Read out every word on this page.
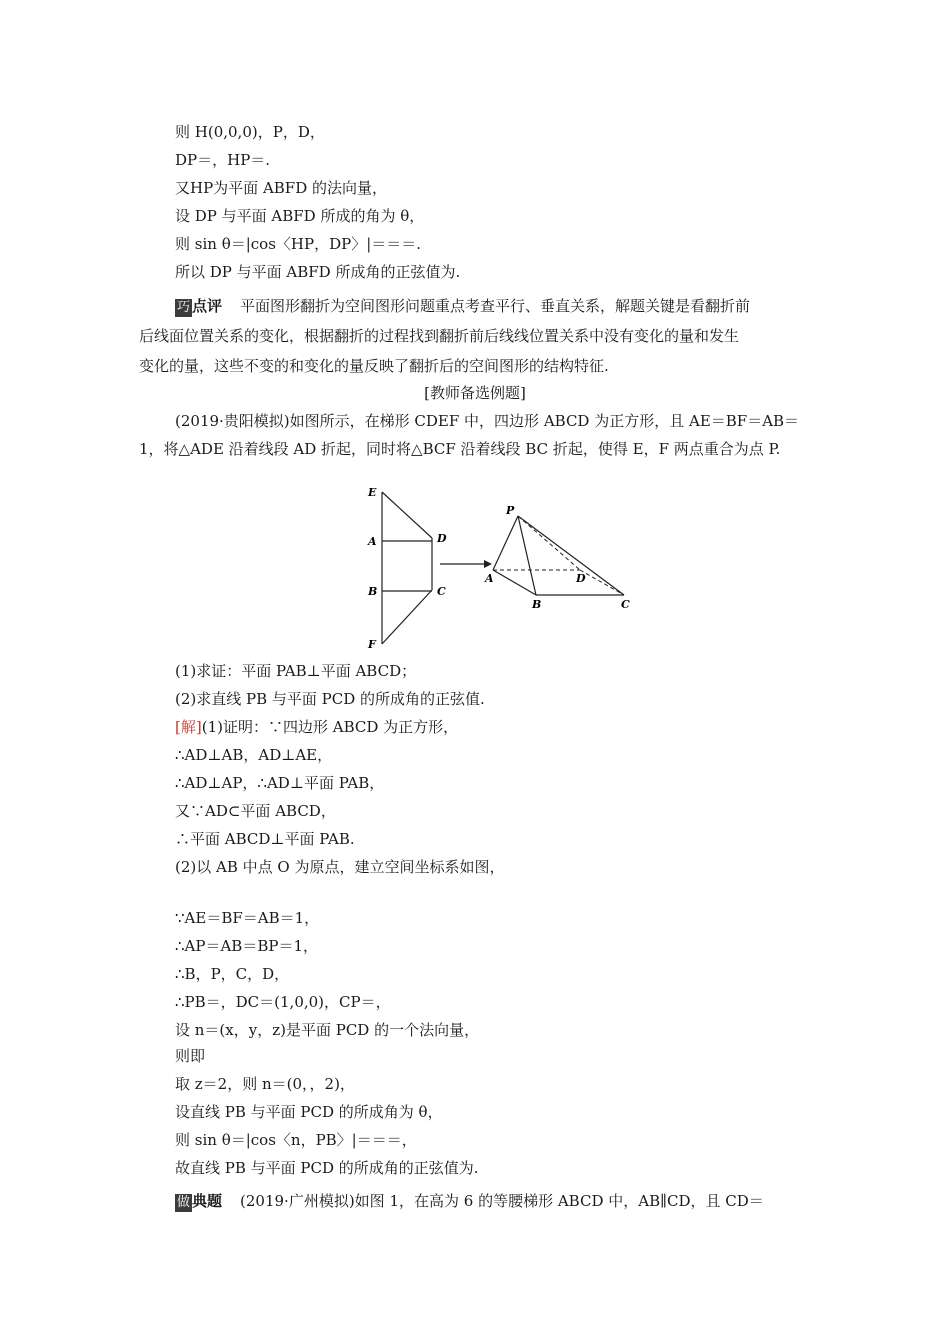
则 H(0,0,0)，P，D，
DP＝，HP＝.
又HP为平面 ABFD 的法向量，
设 DP 与平面 ABFD 所成的角为 θ，
则 sin θ＝|cos〈HP，DP〉|＝＝＝.
所以 DP 与平面 ABFD 所成角的正弦值为.
巧 点评 平面图形翻折为空间图形问题重点考查平行、垂直关系，解题关键是看翻折前
后线面位置关系的变化，根据翻折的过程找到翻折前后线线位置关系中没有变化的量和发生
变化的量，这些不变的和变化的量反映了翻折后的空间图形的结构特征.
[教师备选例题]
(2019·贵阳模拟)如图所示，在梯形 CDEF 中，四边形 ABCD 为正方形，且 AE＝BF＝AB＝
1，将△ADE 沿着线段 AD 折起，同时将△BCF 沿着线段 BC 折起，使得 E，F 两点重合为点 P.
E
A
B
F
D
C
P
A
B
D
C
(1)求证：平面 PAB⊥平面 ABCD；
(2)求直线 PB 与平面 PCD 的所成角的正弦值.
[解](1)证明：∵四边形 ABCD 为正方形，
∴AD⊥AB，AD⊥AE，
∴AD⊥AP，∴AD⊥平面 PAB，
又∵AD⊂平面 ABCD，
∴平面 ABCD⊥平面 PAB.
(2)以 AB 中点 O 为原点，建立空间坐标系如图，
∵AE＝BF＝AB＝1，
∴AP＝AB＝BP＝1，
∴B，P，C，D，
∴PB＝，DC＝(1,0,0)，CP＝，
设 n＝(x，y，z)是平面 PCD 的一个法向量，
则即
取 z＝2，则 n＝(0，，2)，
设直线 PB 与平面 PCD 的所成角为 θ，
则 sin θ＝|cos〈n，PB〉|＝＝＝，
故直线 PB 与平面 PCD 的所成角的正弦值为.
做 典题 (2019·广州模拟)如图 1，在高为 6 的等腰梯形 ABCD 中，AB∥CD，且 CD＝
